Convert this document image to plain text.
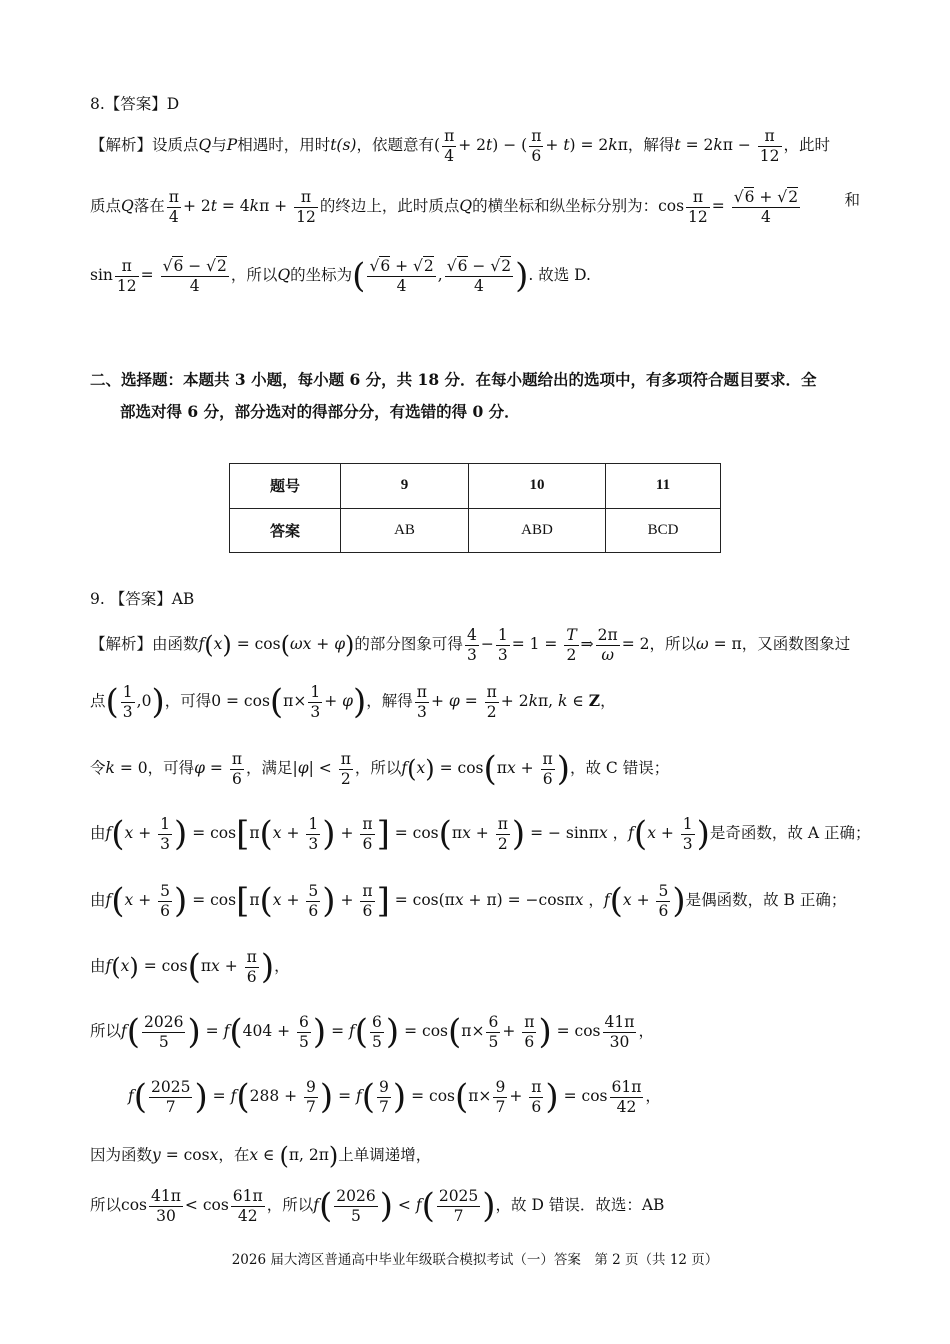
8.【答案】D
【解析】设质点Q与P相遇时，用时t(s)，依题意有( $\frac{\pi}{4} + 2t$) − ( $\frac{\pi}{6} + t) = 2k\pi$，解得$t = 2k\pi - \frac{\pi}{12}$ ，此时
质点Q落在 $\frac{\pi}{4} + 2t = 4k\pi + \frac{\pi}{12}$ 的终边上，此时质点Q的横坐标和纵坐标分别为：$\cos \frac{\pi}{12} = \frac{√6 + √2}{4}$	和
$\sin \frac{\pi}{12} = \frac{√6 - √2}{4}$ ，所以Q的坐标为( $\frac{√6 + √2}{4}$ , $\frac{√6 - √2}{4}$ ). 故选 D.
二、选择题：本题共 3 小题，每小题 6 分，共 18 分．在每小题给出的选项中，有多项符合题目要求．全
部选对得 6 分，部分选对的得部分分，有选错的得 0 分．
题号	9	10	11
答案	AB	ABD	BCD
9. 【答案】AB
【解析】由函数f(x) = cos(ωx + φ)的部分图象可得 $\frac{4}{3} - \frac{1}{3} = 1 = \frac{T}{2}$ ⇒ $\frac{2\pi}{\omega} = 2$，所以ω = π，又函数图象过
点( $\frac{1}{3} ,0$)，可得$0 = \cos(\pi\times \frac{1}{3} + \varphi)$，解得 $\frac{\pi}{3} + \varphi = \frac{\pi}{2} + 2k\pi$, k ∈ Z，
令k = 0，可得$\varphi = \frac{\pi}{6}$ ，满足$|\varphi| < \frac{\pi}{2}$ ，所以$f(x) = \cos(\pi x + \frac{\pi}{6}$ )，故 C 错误；
由$f(x + \frac{1}{3}$ ) = $\cos[\pi(x + \frac{1}{3}$ ) + $\frac{\pi}{6}$ ] = $\cos(\pi x + \frac{\pi}{2}$ ) = − sinπx ，$f(x + \frac{1}{3}$ )是奇函数，故 A 正确；
由$f(x + \frac{5}{6}$ ) = $\cos[\pi(x + \frac{5}{6}$ ) + $\frac{\pi}{6}$ ] = cos(πx + π) = −cosπx ，$f(x + \frac{5}{6}$ )是偶函数，故 B 正确；
由$f(x) = \cos(\pi x + \frac{\pi}{6}$ )，
所以$f( \frac{2026}{5}$ ) = $f(404 + \frac{6}{5}$ ) = $f( \frac{6}{5}$ ) = $\cos(\pi\times \frac{6}{5} + \frac{\pi}{6}$ ) = $\cos \frac{41\pi}{30}$ ，
$f( \frac{2025}{7}$ ) = $f(288 + \frac{9}{7}$ ) = $f( \frac{9}{7}$ ) = $\cos(\pi\times \frac{9}{7} + \frac{\pi}{6}$ ) = $\cos \frac{61\pi}{42}$ ，
因为函数y = cosx，在x ∈ (π, 2π)上单调递增，
所以$\cos \frac{41\pi}{30} < \cos \frac{61\pi}{42}$ ，所以$f( \frac{2026}{5}$ ) < $f( \frac{2025}{7}$ )，故 D 错误．故选：AB
2026 届大湾区普通高中毕业年级联合模拟考试（一）答案　第 2 页（共 12 页）
